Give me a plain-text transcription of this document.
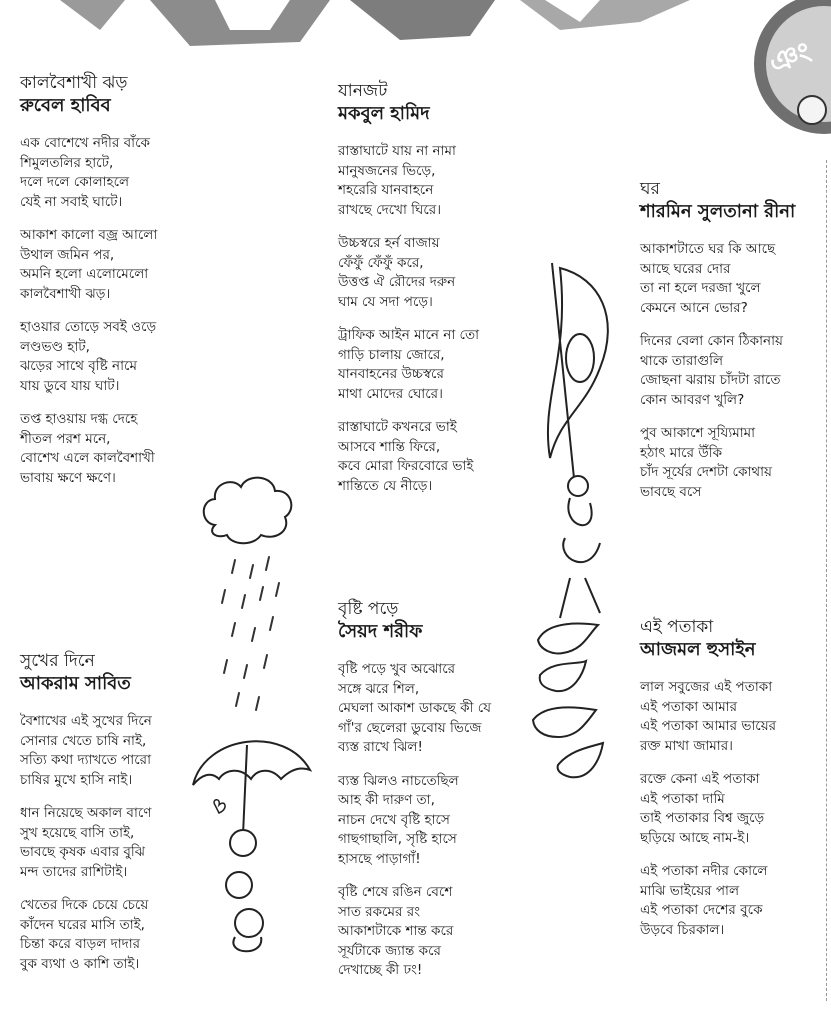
ঞং
কালবৈশাখী ঝড়
রুবেল হাবিব
এক বোশেখে নদীর বাঁকে
শিমুলতলির হাটে,
দলে দলে কোলাহলে
যেই না সবাই ঘাটে।
আকাশ কালো বজ্র আলো
উথাল জমিন পর,
অমনি হলো এলোমেলো
কালবৈশাখী ঝড়।
হাওয়ার তোড়ে সবই ওড়ে
লণ্ডভণ্ড হাট,
ঝড়ের সাথে বৃষ্টি নামে
যায় ডুবে যায় ঘাট।
তপ্ত হাওয়ায় দগ্ধ দেহে
শীতল পরশ মনে,
বোশেখ এলে কালবৈশাখী
ভাবায় ক্ষণে ক্ষণে।
সুখের দিনে
আকরাম সাবিত
বৈশাখের এই সুখের দিনে
সোনার খেতে চাষি নাই,
সত্যি কথা দ্যাখতে পারো
চাষির মুখে হাসি নাই।
ধান নিয়েছে অকাল বাণে
সুখ হয়েছে বাসি তাই,
ভাবছে কৃষক এবার বুঝি
মন্দ তাদের রাশিটাই।
খেতের দিকে চেয়ে চেয়ে
কাঁদেন ঘরের মাসি তাই,
চিন্তা করে বাড়ল দাদার
বুক ব্যথা ও কাশি তাই।
যানজট
মকবুল হামিদ
রাস্তাঘাটে যায় না নামা
মানুষজনের ভিড়ে,
শহরেরি যানবাহনে
রাখছে দেখো ঘিরে।
উচ্চস্বরে হর্ন বাজায়
ফেঁফুঁ ফেঁফুঁ করে,
উত্তপ্ত ঐ রৌদের দরুন
ঘাম যে সদা পড়ে।
ট্রাফিক আইন মানে না তো
গাড়ি চালায় জোরে,
যানবাহনের উচ্চস্বরে
মাথা মোদের ঘোরে।
রাস্তাঘাটে কখনরে ভাই
আসবে শান্তি ফিরে,
কবে মোরা ফিরবোরে ভাই
শান্তিতে যে নীড়ে।
বৃষ্টি পড়ে
সৈয়দ শরীফ
বৃষ্টি পড়ে খুব অঝোরে
সঙ্গে ঝরে শিল,
মেঘলা আকাশ ডাকছে কী যে
গাঁ'র ছেলেরা ডুবোয় ভিজে
ব্যস্ত রাখে ঝিল!
ব্যস্ত ঝিলও নাচতেছিল
আহ কী দারুণ তা,
নাচন দেখে বৃষ্টি হাসে
গাছগাছালি, সৃষ্টি হাসে
হাসছে পাড়াগাঁ!
বৃষ্টি শেষে রঙিন বেশে
সাত রকমের রং
আকাশটাকে শান্ত করে
সূর্যটাকে জ্যান্ত করে
দেখাচ্ছে কী ঢং!
ঘর
শারমিন সুলতানা রীনা
আকাশটাতে ঘর কি আছে
আছে ঘরের দোর
তা না হলে দরজা খুলে
কেমনে আনে ভোর?
দিনের বেলা কোন ঠিকানায়
থাকে তারাগুলি
জোছনা ঝরায় চাঁদটা রাতে
কোন আবরণ খুলি?
পুব আকাশে সূয্যিমামা
হঠাৎ মারে উঁকি
চাঁদ সূর্যের দেশটা কোথায়
ভাবছে বসে
এই পতাকা
আজমল হুসাইন
লাল সবুজের এই পতাকা
এই পতাকা আমার
এই পতাকা আমার ভায়ের
রক্ত মাখা জামার।
রক্তে কেনা এই পতাকা
এই পতাকা দামি
তাই পতাকার বিশ্ব জুড়ে
ছড়িয়ে আছে নাম-ই।
এই পতাকা নদীর কোলে
মাঝি ভাইয়ের পাল
এই পতাকা দেশের বুকে
উড়বে চিরকাল।
